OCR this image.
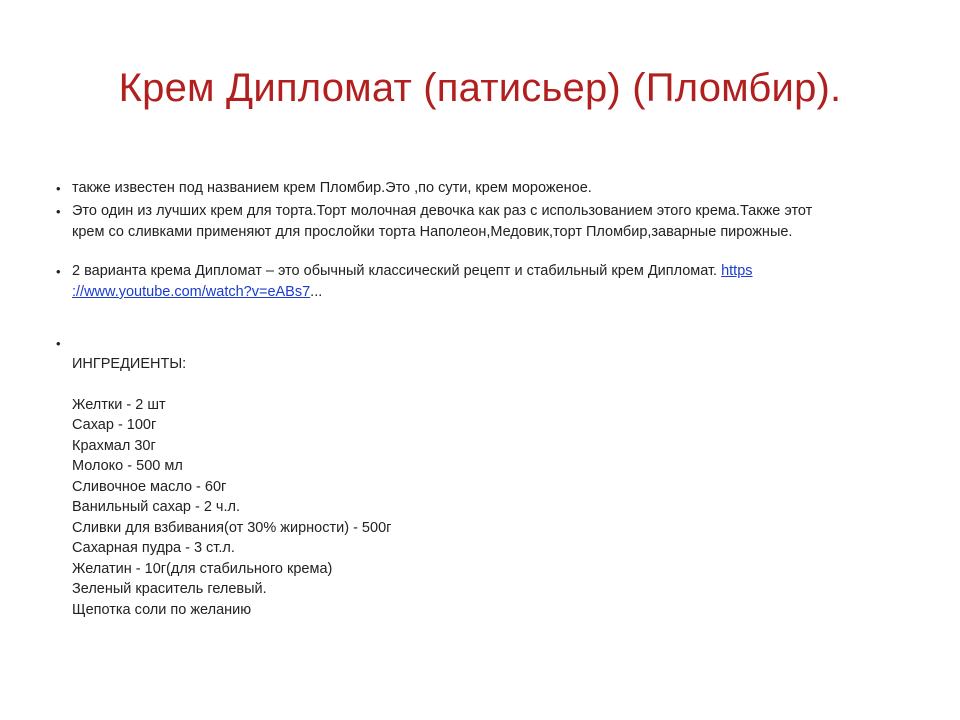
Крем Дипломат (патисьер) (Пломбир).
• также известен под названием крем Пломбир.Это ,по сути, крем мороженое.
• Это один из лучших крем для торта.Торт молочная девочка как раз с использованием этого крема.Также этот
крем со сливками применяют для прослойки торта Наполеон,Медовик,торт Пломбир,заварные пирожные.
• 2 варианта крема Дипломат – это обычный классический рецепт и стабильный крем Дипломат. https
://www.youtube.com/watch?v=eABs7...
•
ИНГРЕДИЕНТЫ:
Желтки - 2 шт
Сахар - 100г
Крахмал 30г
Молоко - 500 мл
Сливочное масло - 60г
Ванильный сахар - 2 ч.л.
Сливки для взбивания(от 30% жирности) - 500г
Сахарная пудра - 3 ст.л.
Желатин - 10г(для стабильного крема)
Зеленый краситель гелевый.
Щепотка соли по желанию
